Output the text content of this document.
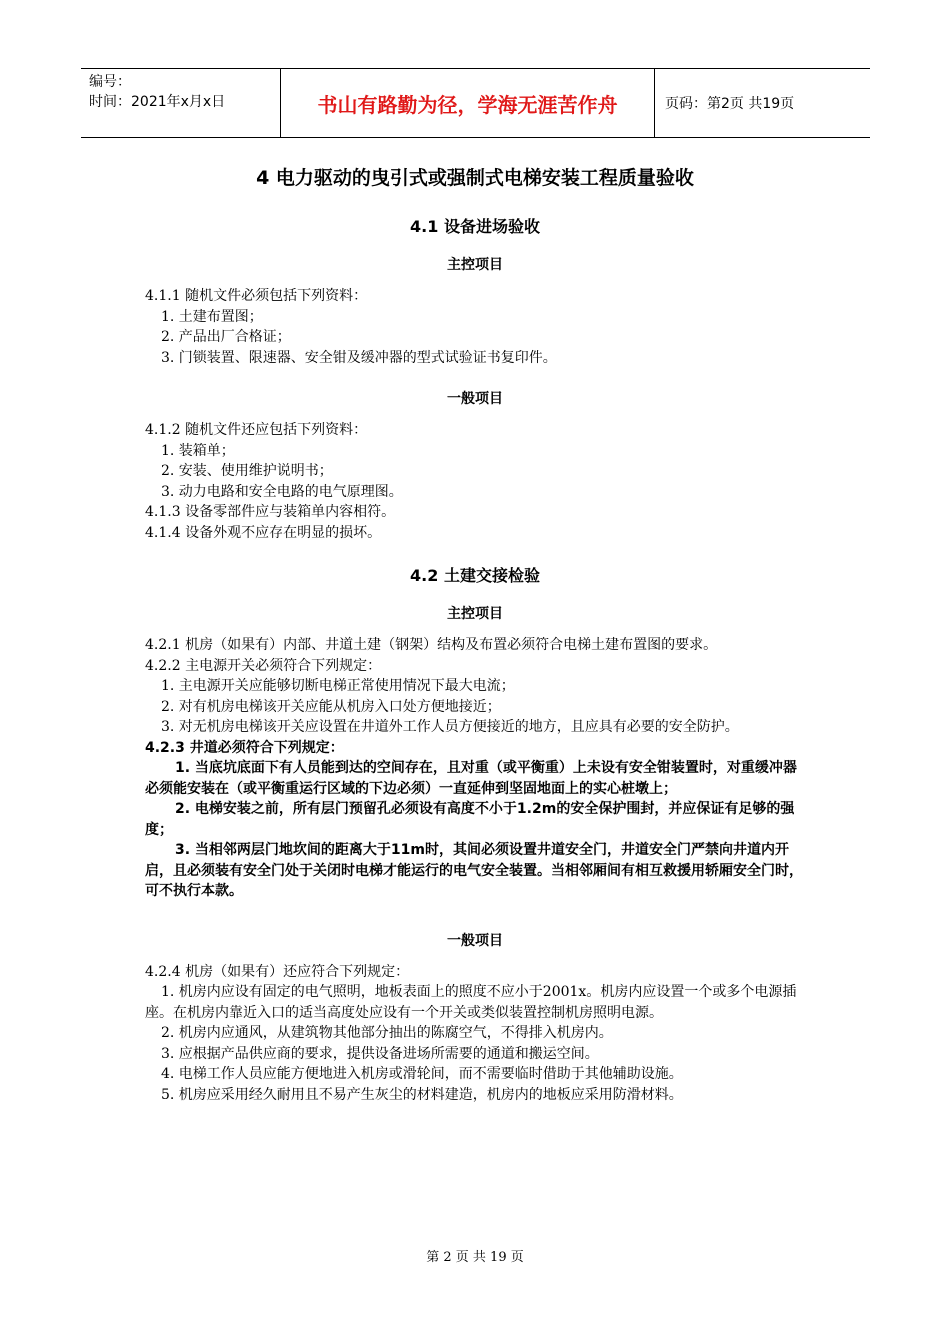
编号：
时间：2021年x月x日	书山有路勤为径，学海无涯苦作舟	页码：第2页 共19页
4 电力驱动的曳引式或强制式电梯安装工程质量验收
4.1 设备进场验收
主控项目

4.1.1 随机文件必须包括下列资料：

1. 土建布置图；

2. 产品出厂合格证；

3. 门锁装置、限速器、安全钳及缓冲器的型式试验证书复印件。

一般项目

4.1.2 随机文件还应包括下列资料：

1. 装箱单；

2. 安装、使用维护说明书；

3. 动力电路和安全电路的电气原理图。

4.1.3 设备零部件应与装箱单内容相符。

4.1.4 设备外观不应存在明显的损坏。

4.2 土建交接检验
主控项目

4.2.1 机房（如果有）内部、井道土建（钢架）结构及布置必须符合电梯土建布置图的要求。

4.2.2 主电源开关必须符合下列规定：

1. 主电源开关应能够切断电梯正常使用情况下最大电流；

2. 对有机房电梯该开关应能从机房入口处方便地接近；

3. 对无机房电梯该开关应设置在井道外工作人员方便接近的地方，且应具有必要的安全防护。

4.2.3 井道必须符合下列规定：

1. 当底坑底面下有人员能到达的空间存在，且对重（或平衡重）上未设有安全钳装置时，对重缓冲器必须能安装在（或平衡重运行区域的下边必须）一直延伸到坚固地面上的实心桩墩上；

2. 电梯安装之前，所有层门预留孔必须设有高度不小于1.2m的安全保护围封，并应保证有足够的强度；

3. 当相邻两层门地坎间的距离大于11m时，其间必须设置井道安全门，井道安全门严禁向井道内开启，且必须装有安全门处于关闭时电梯才能运行的电气安全装置。当相邻厢间有相互救援用轿厢安全门时，可不执行本款。

一般项目

4.2.4 机房（如果有）还应符合下列规定：

1. 机房内应设有固定的电气照明，地板表面上的照度不应小于2001x。机房内应设置一个或多个电源插座。在机房内靠近入口的适当高度处应设有一个开关或类似装置控制机房照明电源。

2. 机房内应通风，从建筑物其他部分抽出的陈腐空气，不得排入机房内。

3. 应根据产品供应商的要求，提供设备进场所需要的通道和搬运空间。

4. 电梯工作人员应能方便地进入机房或滑轮间，而不需要临时借助于其他辅助设施。

5. 机房应采用经久耐用且不易产生灰尘的材料建造，机房内的地板应采用防滑材料。

第 2 页 共 19 页
